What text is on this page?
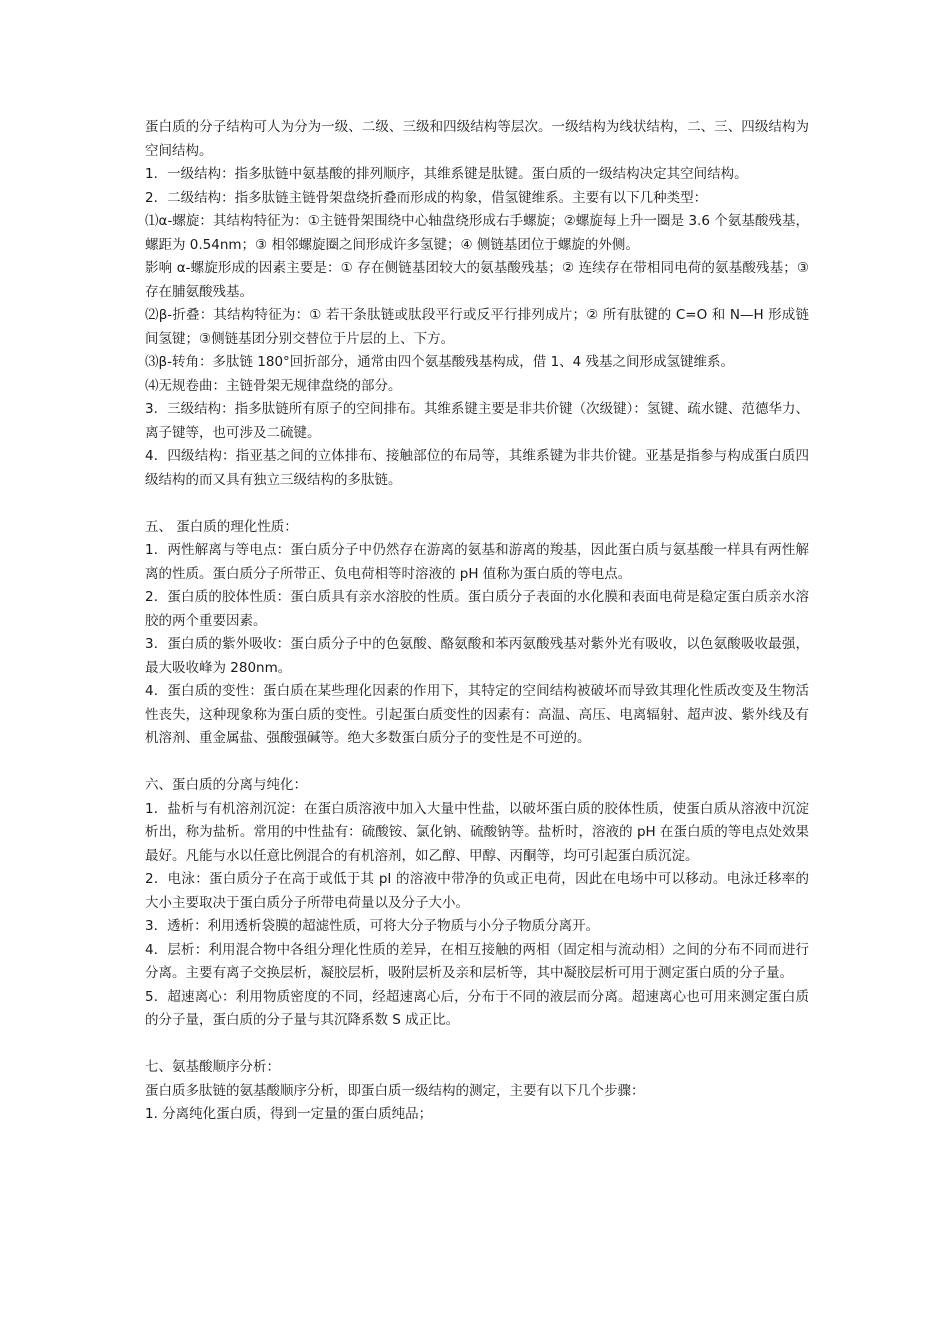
蛋白质的分子结构可人为分为一级、二级、三级和四级结构等层次。一级结构为线状结构，二、三、四级结构为空间结构。

1．一级结构：指多肽链中氨基酸的排列顺序，其维系键是肽键。蛋白质的一级结构决定其空间结构。

2．二级结构：指多肽链主链骨架盘绕折叠而形成的构象，借氢键维系。主要有以下几种类型：

⑴α-螺旋：其结构特征为：①主链骨架围绕中心轴盘绕形成右手螺旋；②螺旋每上升一圈是 3.6 个氨基酸残基，螺距为 0.54nm；③ 相邻螺旋圈之间形成许多氢键；④ 侧链基团位于螺旋的外侧。

影响 α-螺旋形成的因素主要是：① 存在侧链基团较大的氨基酸残基；② 连续存在带相同电荷的氨基酸残基；③ 存在脯氨酸残基。

⑵β-折叠：其结构特征为：① 若干条肽链或肽段平行或反平行排列成片；② 所有肽键的 C=O 和 N—H 形成链间氢键；③侧链基团分别交替位于片层的上、下方。

⑶β-转角：多肽链 180°回折部分，通常由四个氨基酸残基构成，借 1、4 残基之间形成氢键维系。

⑷无规卷曲：主链骨架无规律盘绕的部分。

3．三级结构：指多肽链所有原子的空间排布。其维系键主要是非共价键（次级键）：氢键、疏水键、范德华力、离子键等，也可涉及二硫键。

4．四级结构：指亚基之间的立体排布、接触部位的布局等，其维系键为非共价键。亚基是指参与构成蛋白质四级结构的而又具有独立三级结构的多肽链。

五、 蛋白质的理化性质：

1．两性解离与等电点：蛋白质分子中仍然存在游离的氨基和游离的羧基，因此蛋白质与氨基酸一样具有两性解离的性质。蛋白质分子所带正、负电荷相等时溶液的 pH 值称为蛋白质的等电点。

2．蛋白质的胶体性质：蛋白质具有亲水溶胶的性质。蛋白质分子表面的水化膜和表面电荷是稳定蛋白质亲水溶胶的两个重要因素。

3．蛋白质的紫外吸收：蛋白质分子中的色氨酸、酪氨酸和苯丙氨酸残基对紫外光有吸收，以色氨酸吸收最强，最大吸收峰为 280nm。

4．蛋白质的变性：蛋白质在某些理化因素的作用下，其特定的空间结构被破坏而导致其理化性质改变及生物活性丧失，这种现象称为蛋白质的变性。引起蛋白质变性的因素有：高温、高压、电离辐射、超声波、紫外线及有机溶剂、重金属盐、强酸强碱等。绝大多数蛋白质分子的变性是不可逆的。

六、蛋白质的分离与纯化：

1．盐析与有机溶剂沉淀：在蛋白质溶液中加入大量中性盐，以破坏蛋白质的胶体性质，使蛋白质从溶液中沉淀析出，称为盐析。常用的中性盐有：硫酸铵、氯化钠、硫酸钠等。盐析时，溶液的 pH 在蛋白质的等电点处效果最好。凡能与水以任意比例混合的有机溶剂，如乙醇、甲醇、丙酮等，均可引起蛋白质沉淀。

2．电泳：蛋白质分子在高于或低于其 pI 的溶液中带净的负或正电荷，因此在电场中可以移动。电泳迁移率的大小主要取决于蛋白质分子所带电荷量以及分子大小。

3．透析：利用透析袋膜的超滤性质，可将大分子物质与小分子物质分离开。

4．层析：利用混合物中各组分理化性质的差异，在相互接触的两相（固定相与流动相）之间的分布不同而进行分离。主要有离子交换层析，凝胶层析，吸附层析及亲和层析等，其中凝胶层析可用于测定蛋白质的分子量。

5．超速离心：利用物质密度的不同，经超速离心后，分布于不同的液层而分离。超速离心也可用来测定蛋白质的分子量，蛋白质的分子量与其沉降系数 S 成正比。

七、氨基酸顺序分析：

蛋白质多肽链的氨基酸顺序分析，即蛋白质一级结构的测定，主要有以下几个步骤：

1. 分离纯化蛋白质，得到一定量的蛋白质纯品；
